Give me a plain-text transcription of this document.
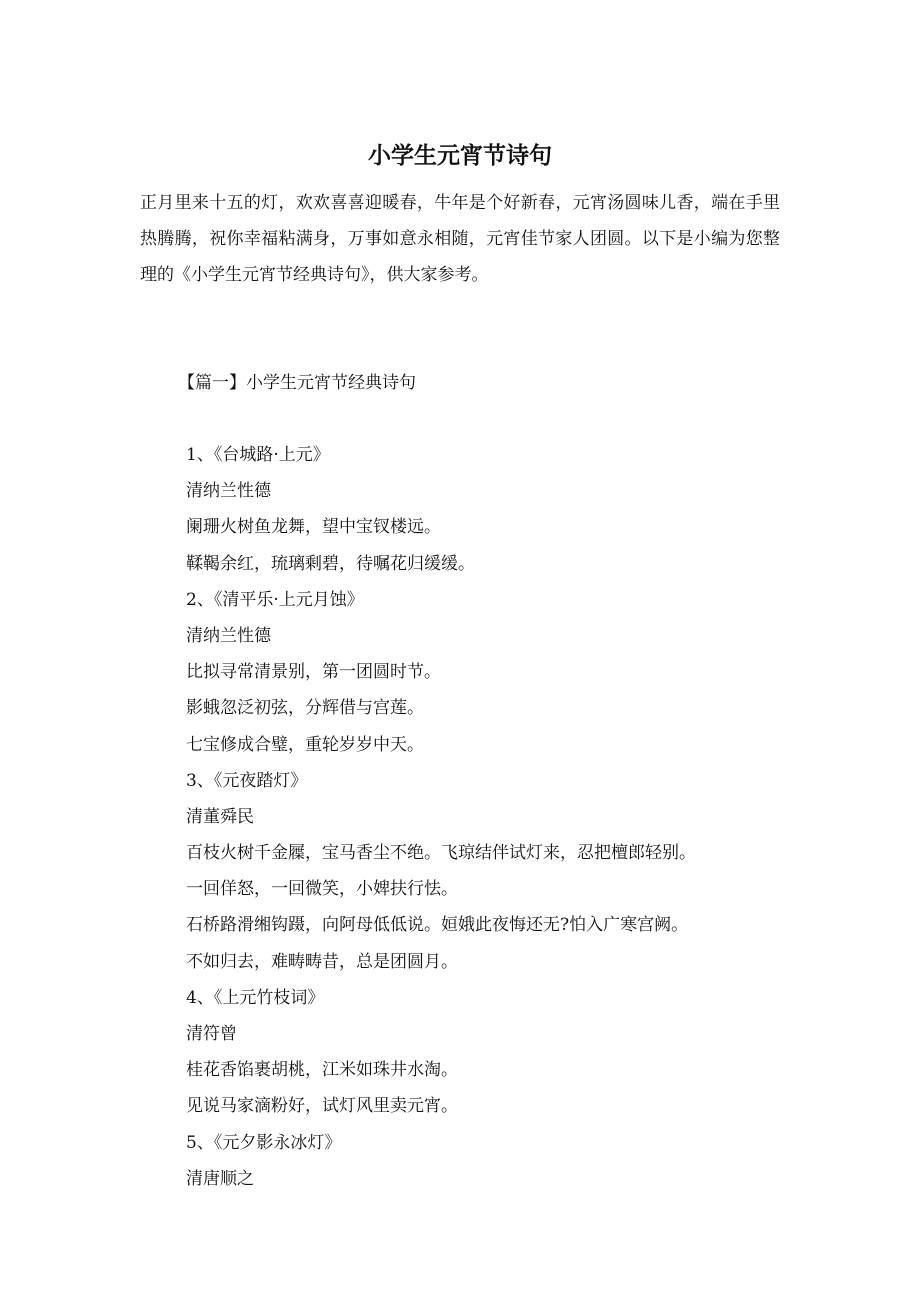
小学生元宵节诗句

正月里来十五的灯，欢欢喜喜迎暖春，牛年是个好新春，元宵汤圆味儿香，端在手里热腾腾，祝你幸福粘满身，万事如意永相随，元宵佳节家人团圆。以下是小编为您整理的《小学生元宵节经典诗句》，供大家参考。

【篇一】小学生元宵节经典诗句
1、《台城路·上元》
清纳兰性德
阑珊火树鱼龙舞，望中宝钗楼远。
鞣鞨余红，琉璃剩碧，待嘱花归缓缓。
2、《清平乐·上元月蚀》
清纳兰性德
比拟寻常清景别，第一团圆时节。
影蛾忽泛初弦，分辉借与宫莲。
七宝修成合璧，重轮岁岁中天。
3、《元夜踏灯》
清董舜民
百枝火树千金屧，宝马香尘不绝。飞琼结伴试灯来，忍把檀郎轻别。
一回佯怒，一回微笑，小婢扶行怯。
石桥路滑缃钩蹑，向阿母低低说。姮娥此夜悔还无?怕入广寒宫阙。
不如归去，难畴畴昔，总是团圆月。
4、《上元竹枝词》
清符曾
桂花香馅裹胡桃，江米如珠井水淘。
见说马家滴粉好，试灯风里卖元宵。
5、《元夕影永冰灯》
清唐顺之
